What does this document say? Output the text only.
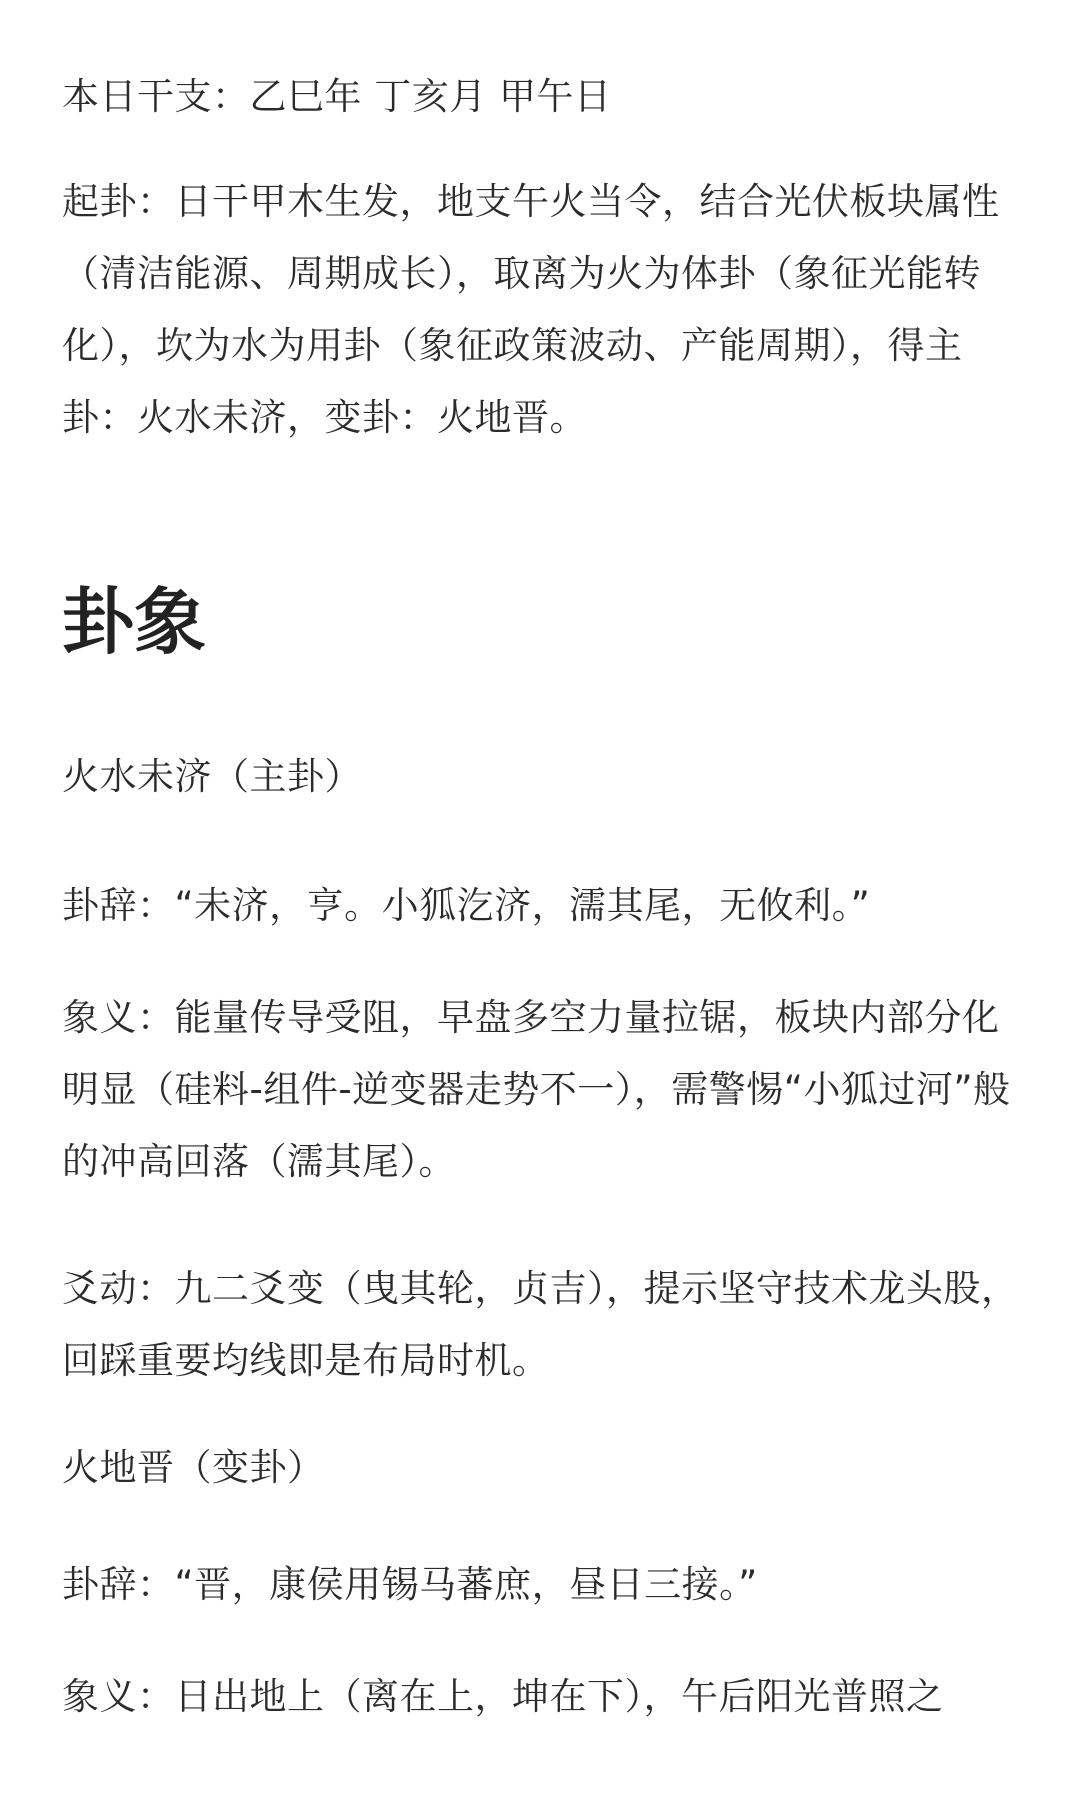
本日干支：乙巳年 丁亥月 甲午日

起卦：日干甲木生发，地支午火当令，结合光伏板块属性（清洁能源、周期成长），取离为火为体卦（象征光能转化），坎为水为用卦（象征政策波动、产能周期），得主卦：火水未济，变卦：火地晋。

卦象

火水未济（主卦）

卦辞：“未济，亨。小狐汔济，濡其尾，无攸利。”

象义：能量传导受阻，早盘多空力量拉锯，板块内部分化明显（硅料-组件-逆变器走势不一），需警惕“小狐过河”般的冲高回落（濡其尾）。

爻动：九二爻变（曳其轮，贞吉），提示坚守技术龙头股，回踩重要均线即是布局时机。

火地晋（变卦）

卦辞：“晋，康侯用锡马蕃庶，昼日三接。”

象义：日出地上（离在上，坤在下），午后阳光普照之
